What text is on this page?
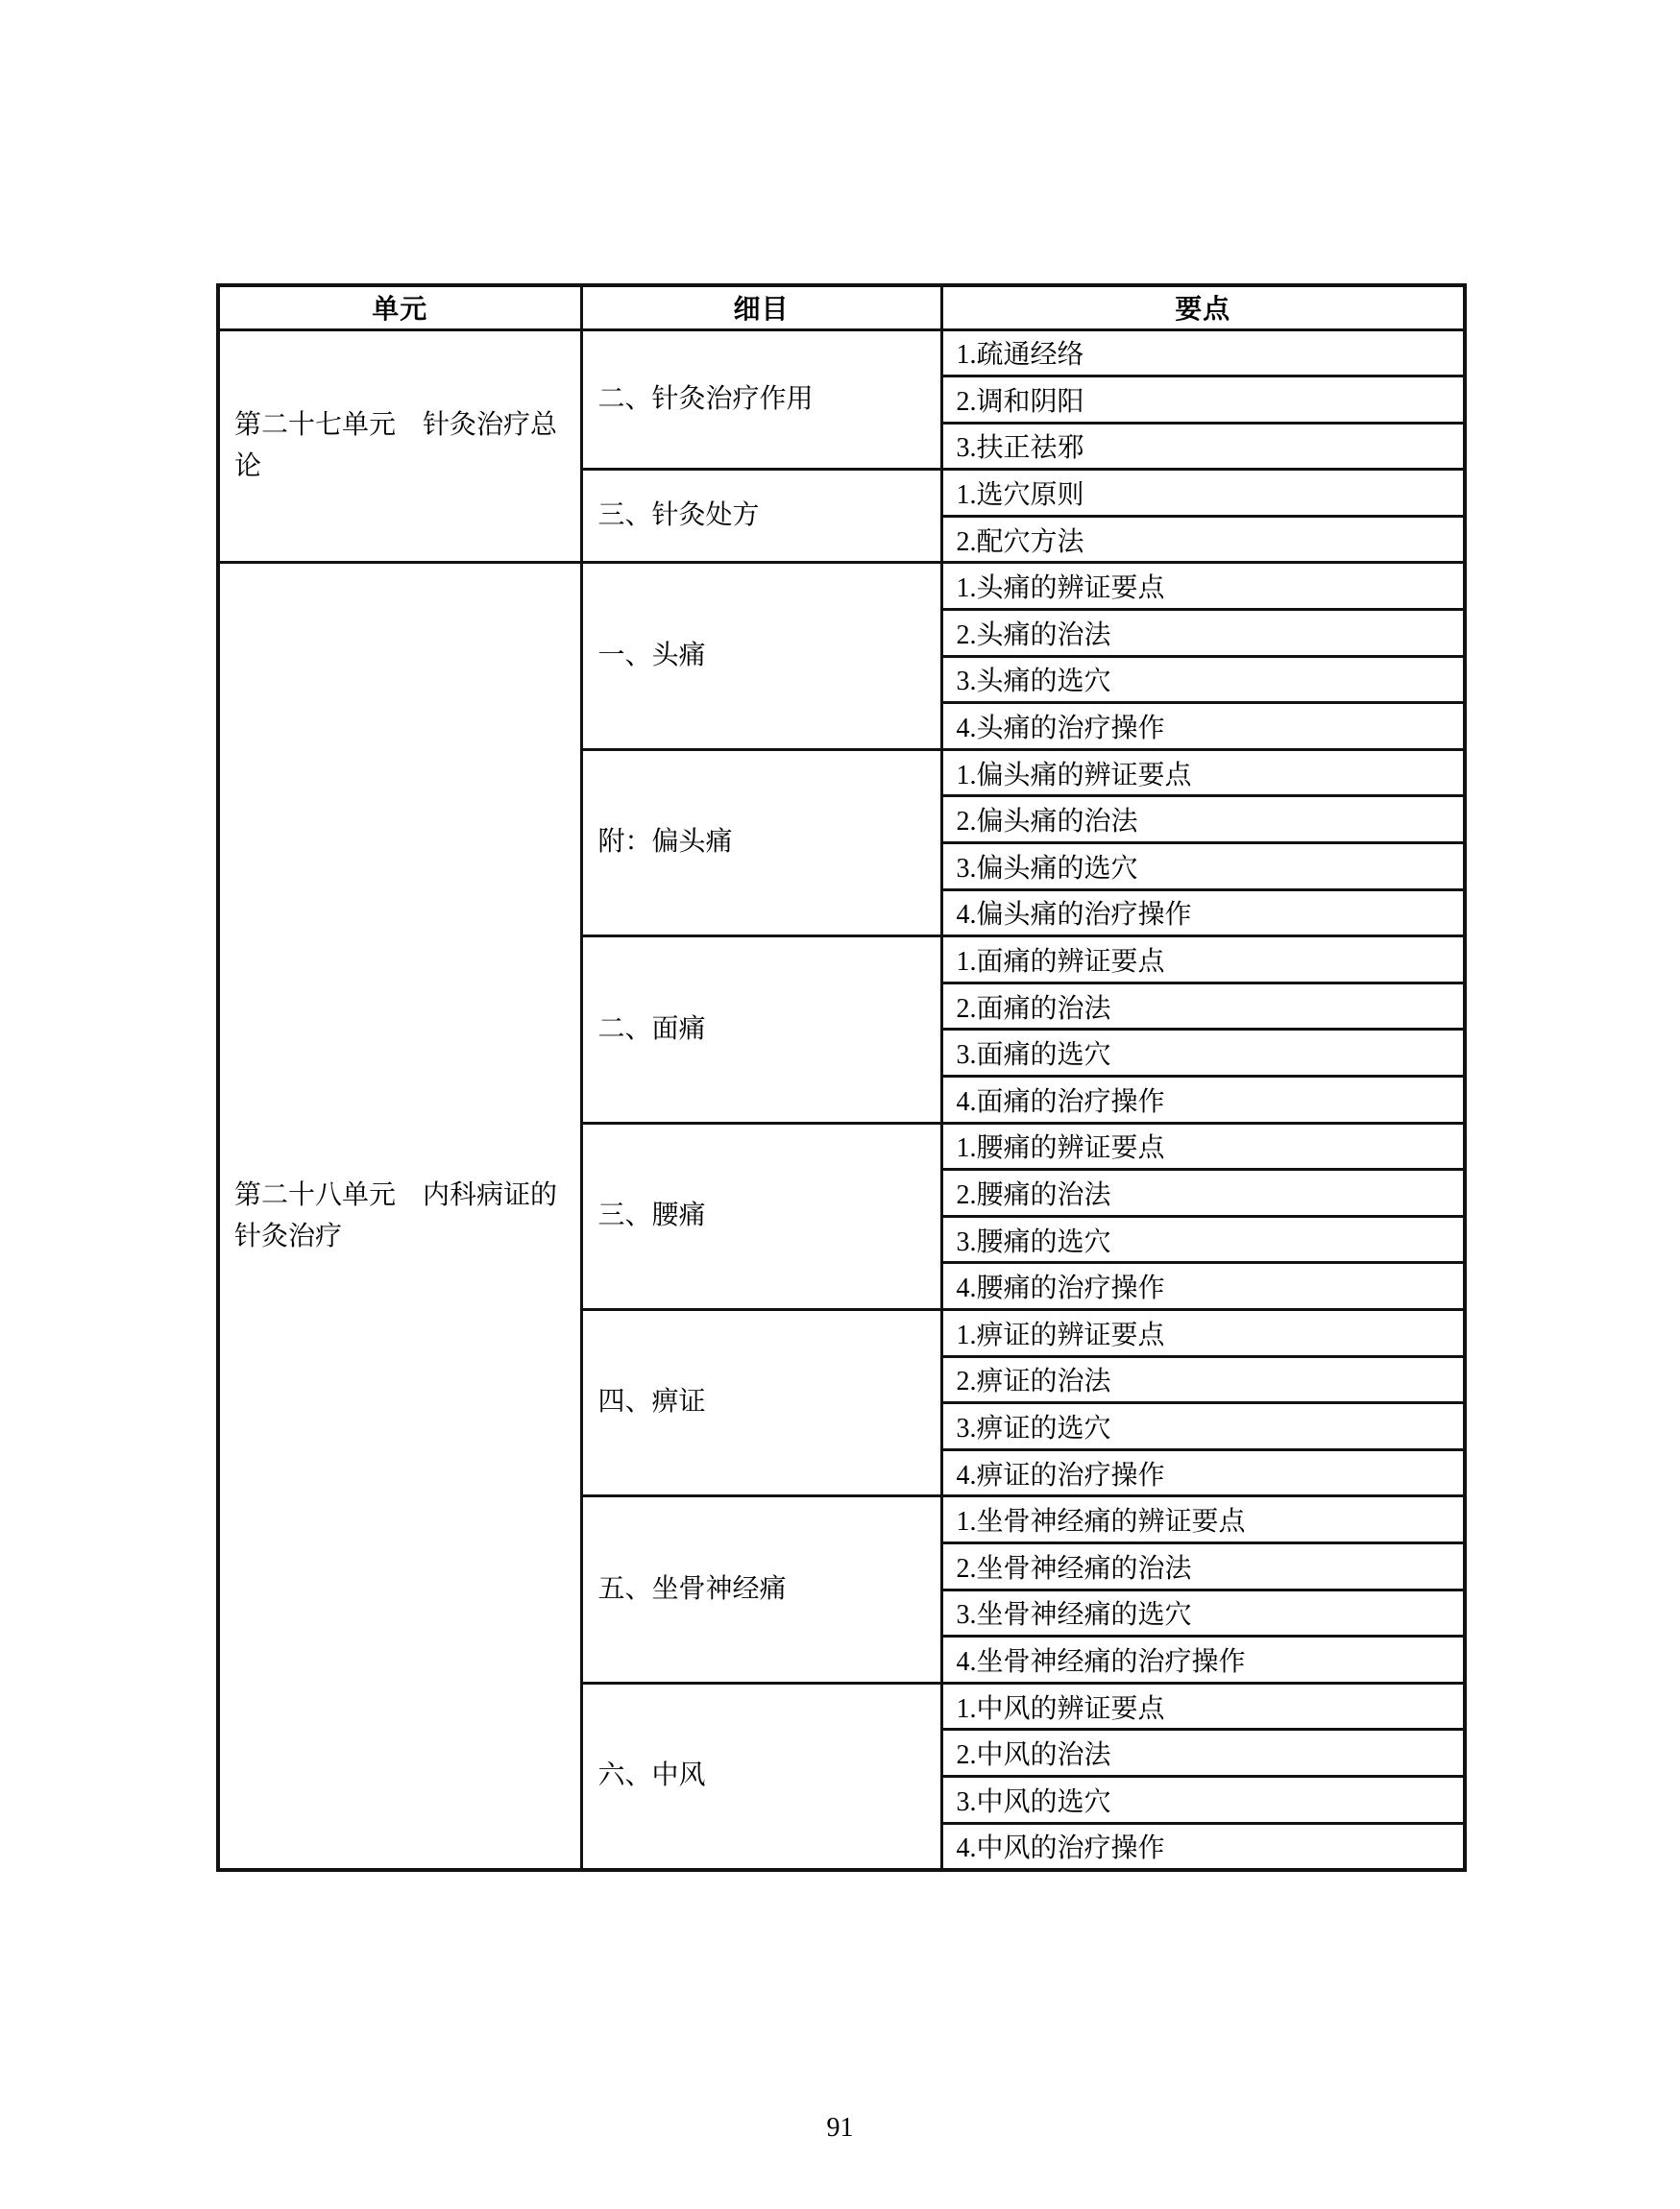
单元	细目	要点
第二十七单元　针灸治疗总论	二、针灸治疗作用	1.疏通经络
		2.调和阴阳
		3.扶正祛邪
	三、针灸处方	1.选穴原则
		2.配穴方法
第二十八单元　内科病证的针灸治疗	一、头痛	1.头痛的辨证要点
		2.头痛的治法
		3.头痛的选穴
		4.头痛的治疗操作
	附：偏头痛	1.偏头痛的辨证要点
		2.偏头痛的治法
		3.偏头痛的选穴
		4.偏头痛的治疗操作
	二、面痛	1.面痛的辨证要点
		2.面痛的治法
		3.面痛的选穴
		4.面痛的治疗操作
	三、腰痛	1.腰痛的辨证要点
		2.腰痛的治法
		3.腰痛的选穴
		4.腰痛的治疗操作
	四、痹证	1.痹证的辨证要点
		2.痹证的治法
		3.痹证的选穴
		4.痹证的治疗操作
	五、坐骨神经痛	1.坐骨神经痛的辨证要点
		2.坐骨神经痛的治法
		3.坐骨神经痛的选穴
		4.坐骨神经痛的治疗操作
	六、中风	1.中风的辨证要点
		2.中风的治法
		3.中风的选穴
		4.中风的治疗操作
91
